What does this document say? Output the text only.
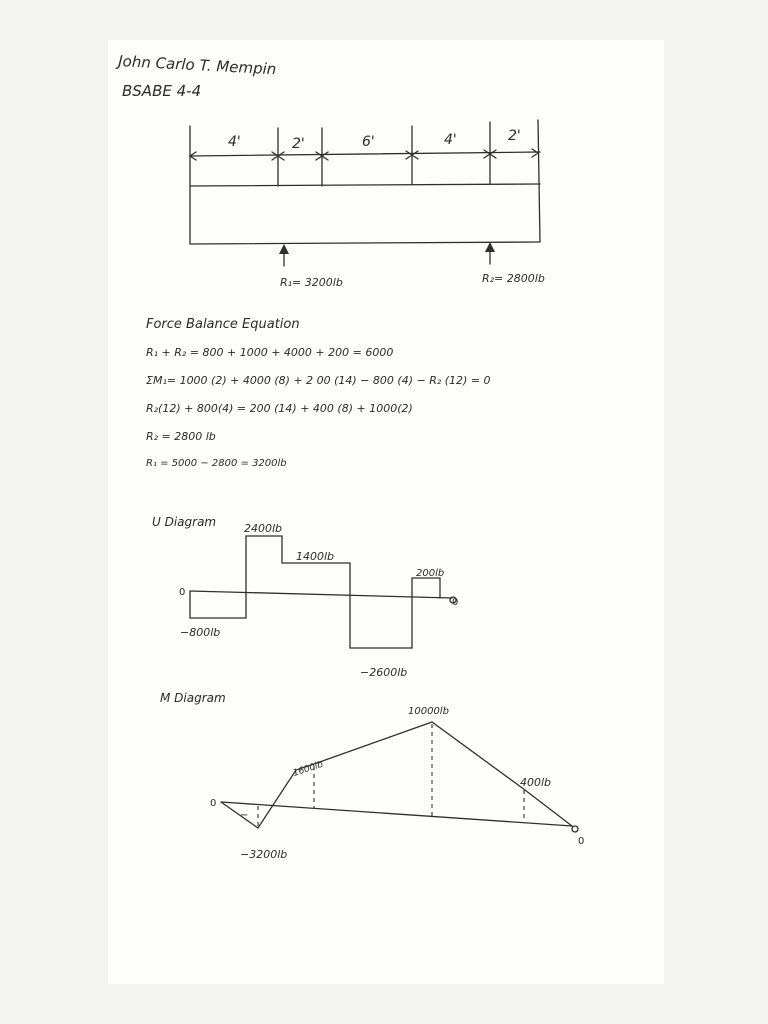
John Carlo T. Mempin
BSABE 4-4
4'	2'	6'	4'	2'
R₁= 3200lb	R₂= 2800lb
Force Balance Equation
R₁ + R₂ = 800 + 1000 + 4000 + 200 = 6000
ΣM₁= 1000 (2) + 4000 (8) + 2 00 (14) − 800 (4) − R₂ (12) = 0
R₂(12) + 800(4) = 200 (14) + 400 (8) + 1000(2)
R₂ = 2800 lb
R₁ = 5000 − 2800 = 3200lb
U Diagram
0
−800lb
2400lb
1400lb
−2600lb
200lb
M Diagram
0
0
0
−
−3200lb
1600lb
10000lb
400lb
